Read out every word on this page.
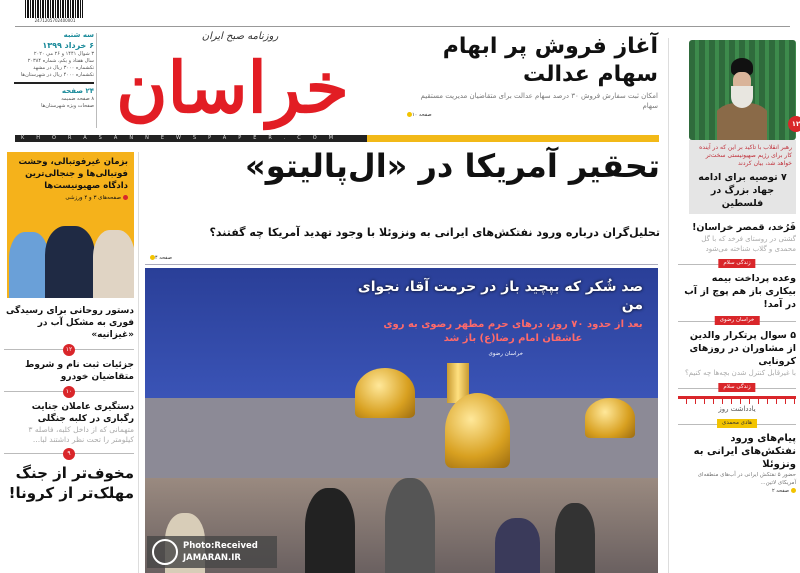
2471205702400001
سه شنبه
۶ خرداد ۱۳۹۹
۳ شوال ۱۴۴۱ و ۲۶ مي ۲۰۲۰
سال هفتاد و یکم، شماره ۲۰۳۸۴
تکشماره ۳۰۰۰ ریال در مشهد
تکشماره ۴۰۰۰ ریال در شهرستان‌ها
۲۴ صفحه
۸ صفحه ضمیمه
صفحات ویژه شهرستان‌ها
روزنامه صبح ایران
خراسان
KHORASANNEWSPAPER.COM
آغاز فروش پر ابهام سهام عدالت
امکان ثبت سفارش فروش ۳۰ درصد سهام عدالت برای متقاضیان مدیریت مستقیم سهام
صفحه ۱۰
۱۲
رهبر انقلاب با تاکید بر این که در آینده کار برای رژیم صهیونیستی سخت‌تر خواهد شد، بیان کردند
۷ توصیه برای ادامه جهاد بزرگ در فلسطین
فَرُخد، قمصر خراسان!
گشتی در روستای فرخد که با گل محمدی و گلاب شناخته می‌شود
زندگی سلام
وعده پرداخت بیمه بیکاری باز هم پوچ از آب در آمد!
خراسان رضوی
۵ سوال پرتکرار والدین از مشاوران در روزهای کرونایی
با غیرقابل کنترل شدن بچه‌ها چه کنیم؟
زندگی سلام
یادداشت روز
هادی محمدی
پیام‌های ورود نفتکش‌های ایرانی به ونزوئلا
حضور ۵ نفتکش ایرانی در آب‌های منطقه‌ای آمریکای لاتین...
صفحه ۲
تحقیر آمریکا در «ال‌پالیتو»
تحلیل‌گران درباره ورود نفتکش‌های ایرانی به ونزوئلا با وجود تهدید آمریکا چه گفتند؟
صفحه ۴
صد شُکر که بپچید باز در حرمت آقا، نجوای من
بعد از حدود ۷۰ روز، درهای حرم مطهر رضوی به روی عاشقان امام رضا(ع) باز شد
خراسان رضوی
بزمان غیرفوتبالی، وحشت فوتبالی‌ها و جنجالی‌ترین دادگاه صهیونیست‌ها
صفحه‌های ۳ و ۴ ورزشی
دستور روحانی برای رسیدگی فوری به مشکل آب در «غیزانیه»
۱۲
جزئیات ثبت نام و شروط متقاضیان خودرو
۱۰
دستگیری عاملان جنایت رگباری در کلبه جنگلی
متهمانی که از داخل کلبه، فاصله ۳ کیلومتر را تحت نظر داشتند لبا...
۹
مخوف‌تر از جنگ مهلک‌تر از کرونا!
Photo:Received
JAMARAN.IR
